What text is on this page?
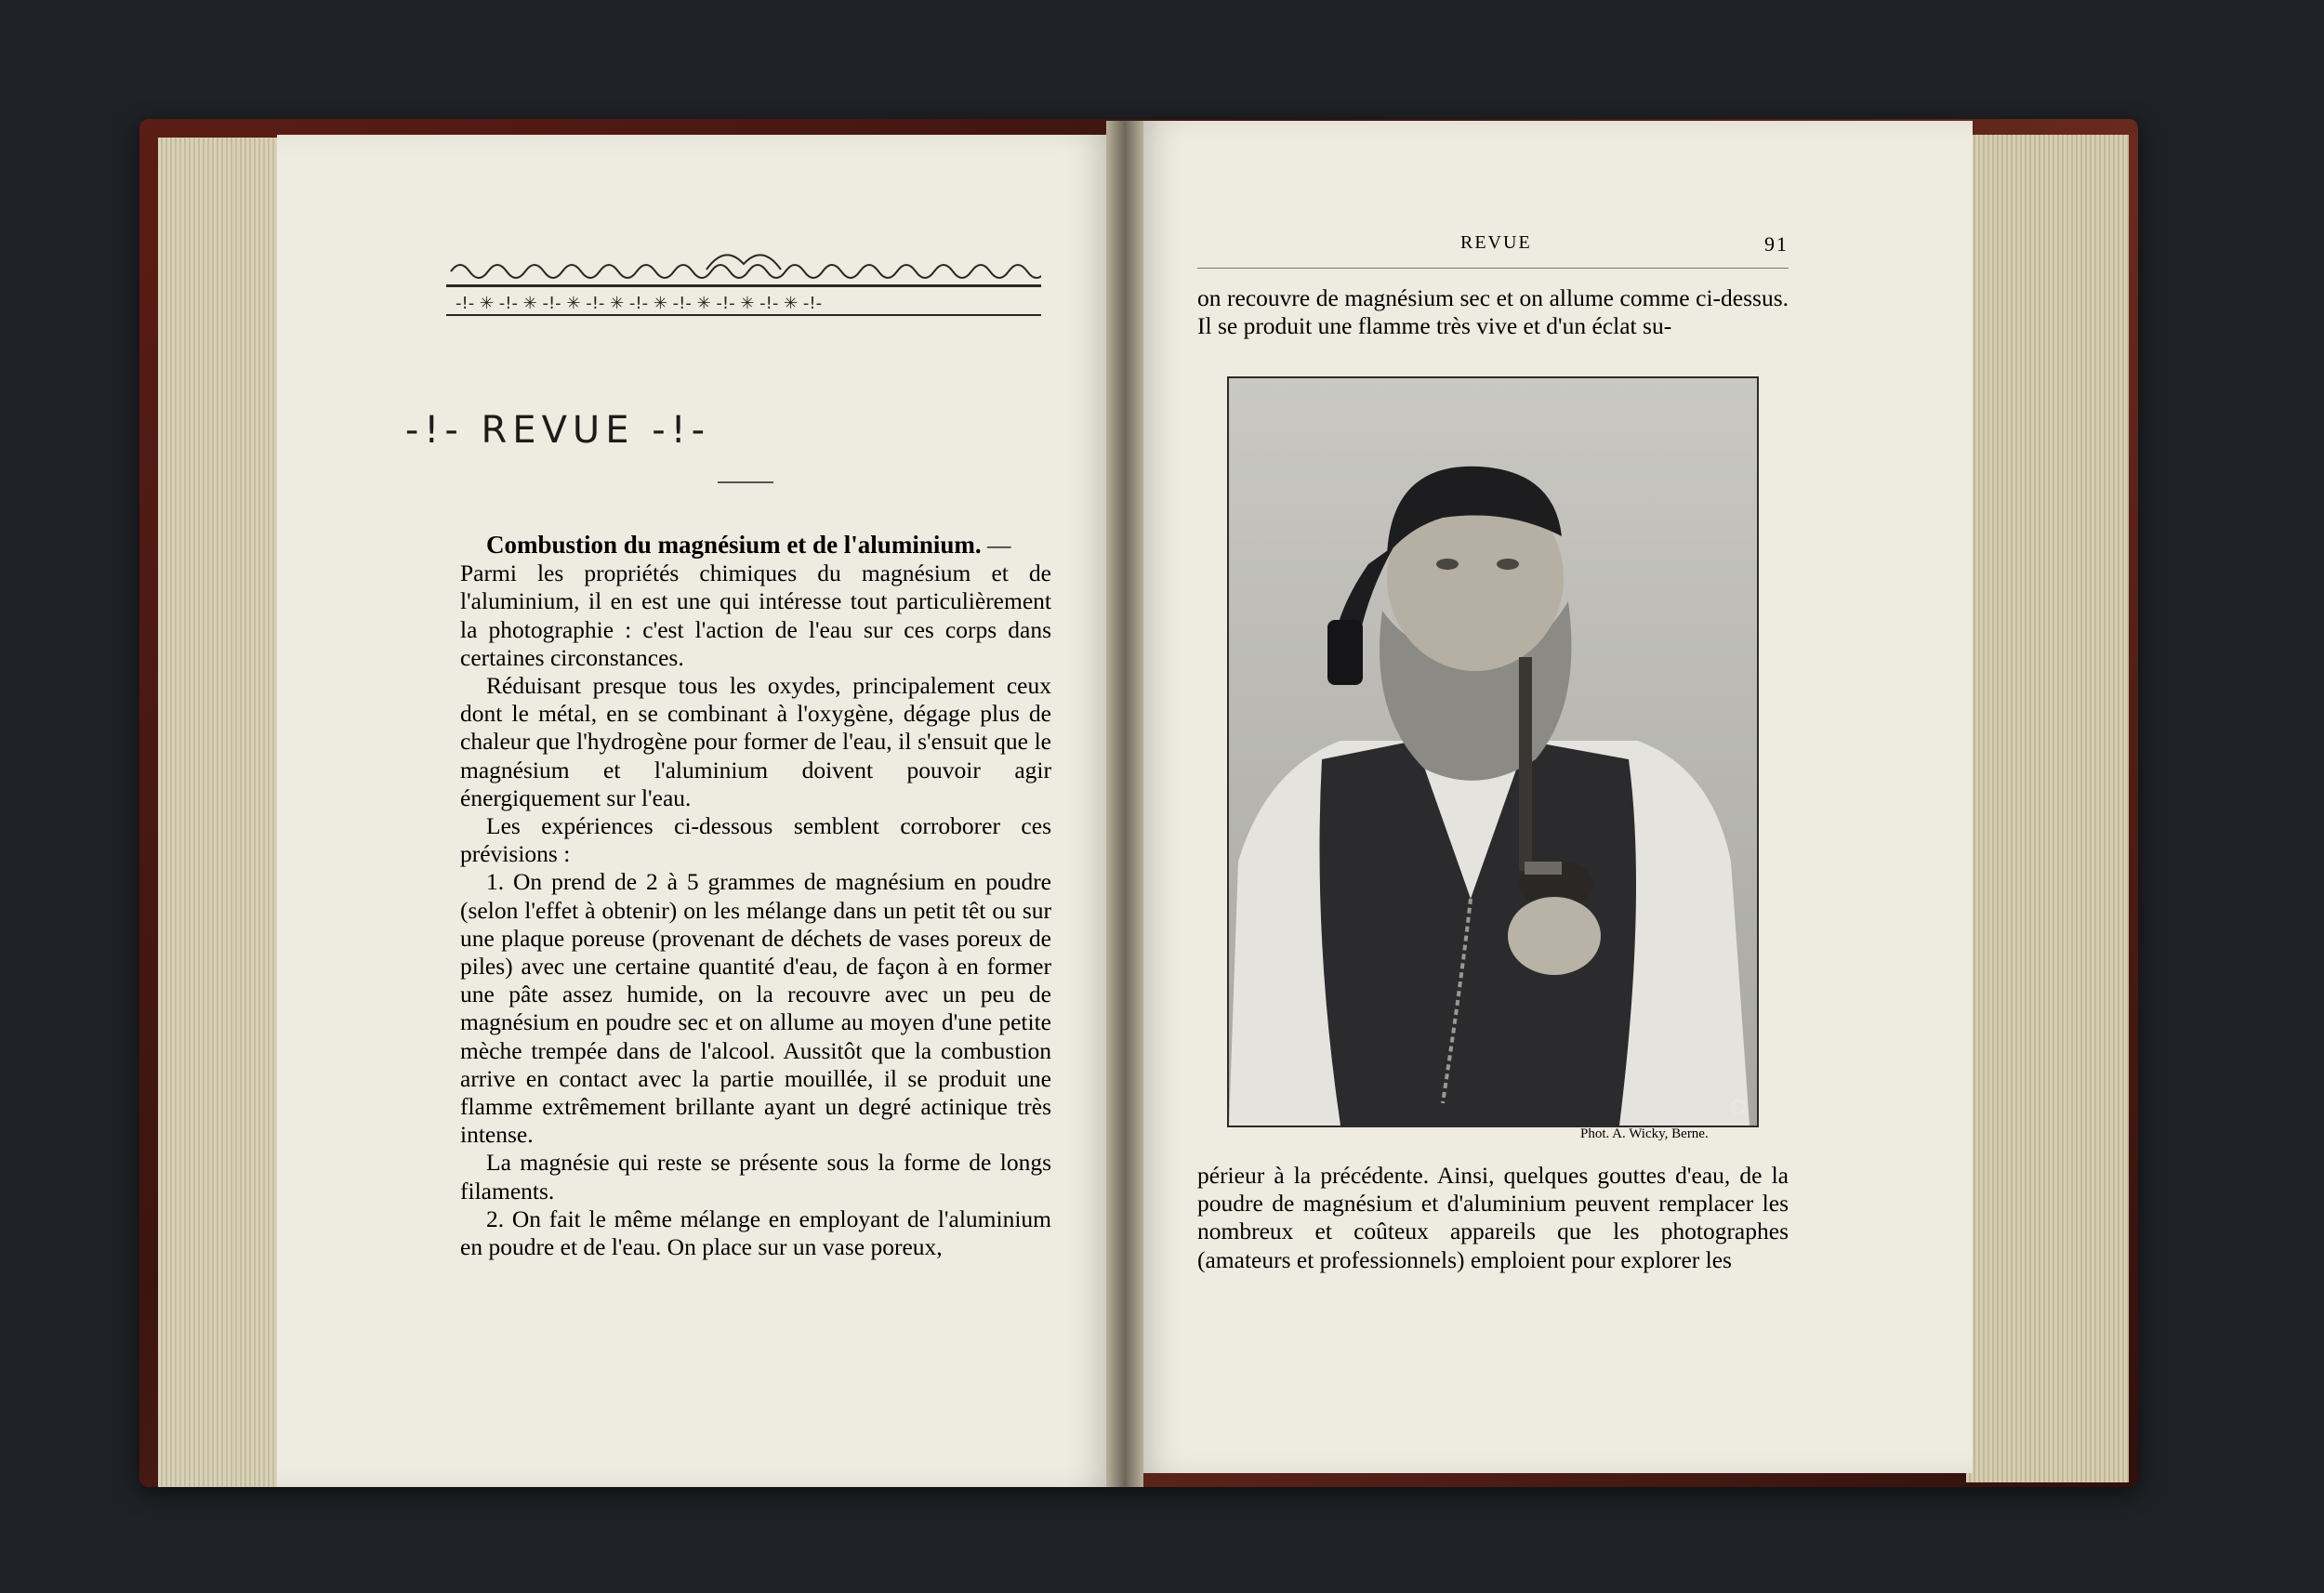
-!- ✳ -!- ✳ -!- ✳ -!- ✳ -!- ✳ -!- ✳ -!- ✳ -!- ✳ -!-
-!- REVUE -!-

Combustion du magnésium et de l'aluminium. —

Parmi les propriétés chimiques du magnésium et de l'aluminium, il en est une qui intéresse tout particulièrement la photographie : c'est l'action de l'eau sur ces corps dans certaines circonstances.

Réduisant presque tous les oxydes, principalement ceux dont le métal, en se combinant à l'oxygène, dégage plus de chaleur que l'hydrogène pour former de l'eau, il s'ensuit que le magnésium et l'aluminium doivent pouvoir agir énergiquement sur l'eau.

Les expériences ci-dessous semblent corroborer ces prévisions :

1. On prend de 2 à 5 grammes de magnésium en poudre (selon l'effet à obtenir) on les mélange dans un petit têt ou sur une plaque poreuse (provenant de déchets de vases poreux de piles) avec une certaine quantité d'eau, de façon à en former une pâte assez humide, on la recouvre avec un peu de magnésium en poudre sec et on allume au moyen d'une petite mèche trempée dans de l'alcool. Aussitôt que la combustion arrive en contact avec la partie mouillée, il se produit une flamme extrêmement brillante ayant un degré actinique très intense.

La magnésie qui reste se présente sous la forme de longs filaments.

2. On fait le même mélange en employant de l'aluminium en poudre et de l'eau. On place sur un vase poreux,

REVUE	91

on recouvre de magnésium sec et on allume comme ci-dessus. Il se produit une flamme très vive et d'un éclat su-

Phot. A. Wicky, Berne.

périeur à la précédente. Ainsi, quelques gouttes d'eau, de la poudre de magnésium et d'aluminium peuvent remplacer les nombreux et coûteux appareils que les photographes (amateurs et professionnels) emploient pour explorer les
